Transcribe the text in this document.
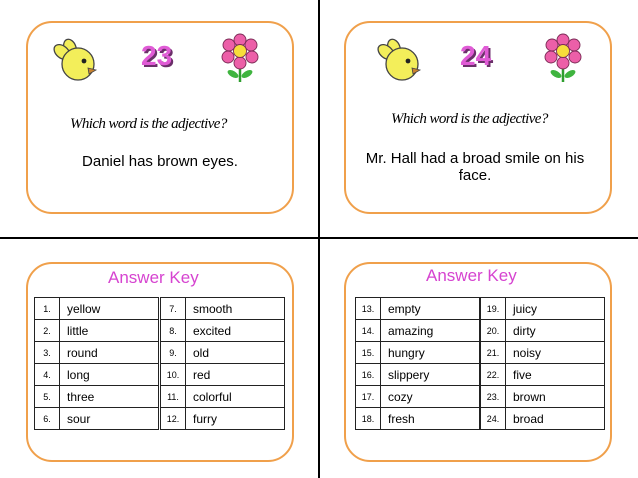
23
Which word is the adjective?
Daniel has brown eyes.
24
Which word is the adjective?
Mr. Hall had a broad smile on his face.
Answer Key
1.	yellow
2.	little
3.	round
4.	long
5.	three
6.	sour
7.	smooth
8.	excited
9.	old
10.	red
11.	colorful
12.	furry
Answer Key
13.	empty
14.	amazing
15.	hungry
16.	slippery
17.	cozy
18.	fresh
19.	juicy
20.	dirty
21.	noisy
22.	five
23.	brown
24.	broad
